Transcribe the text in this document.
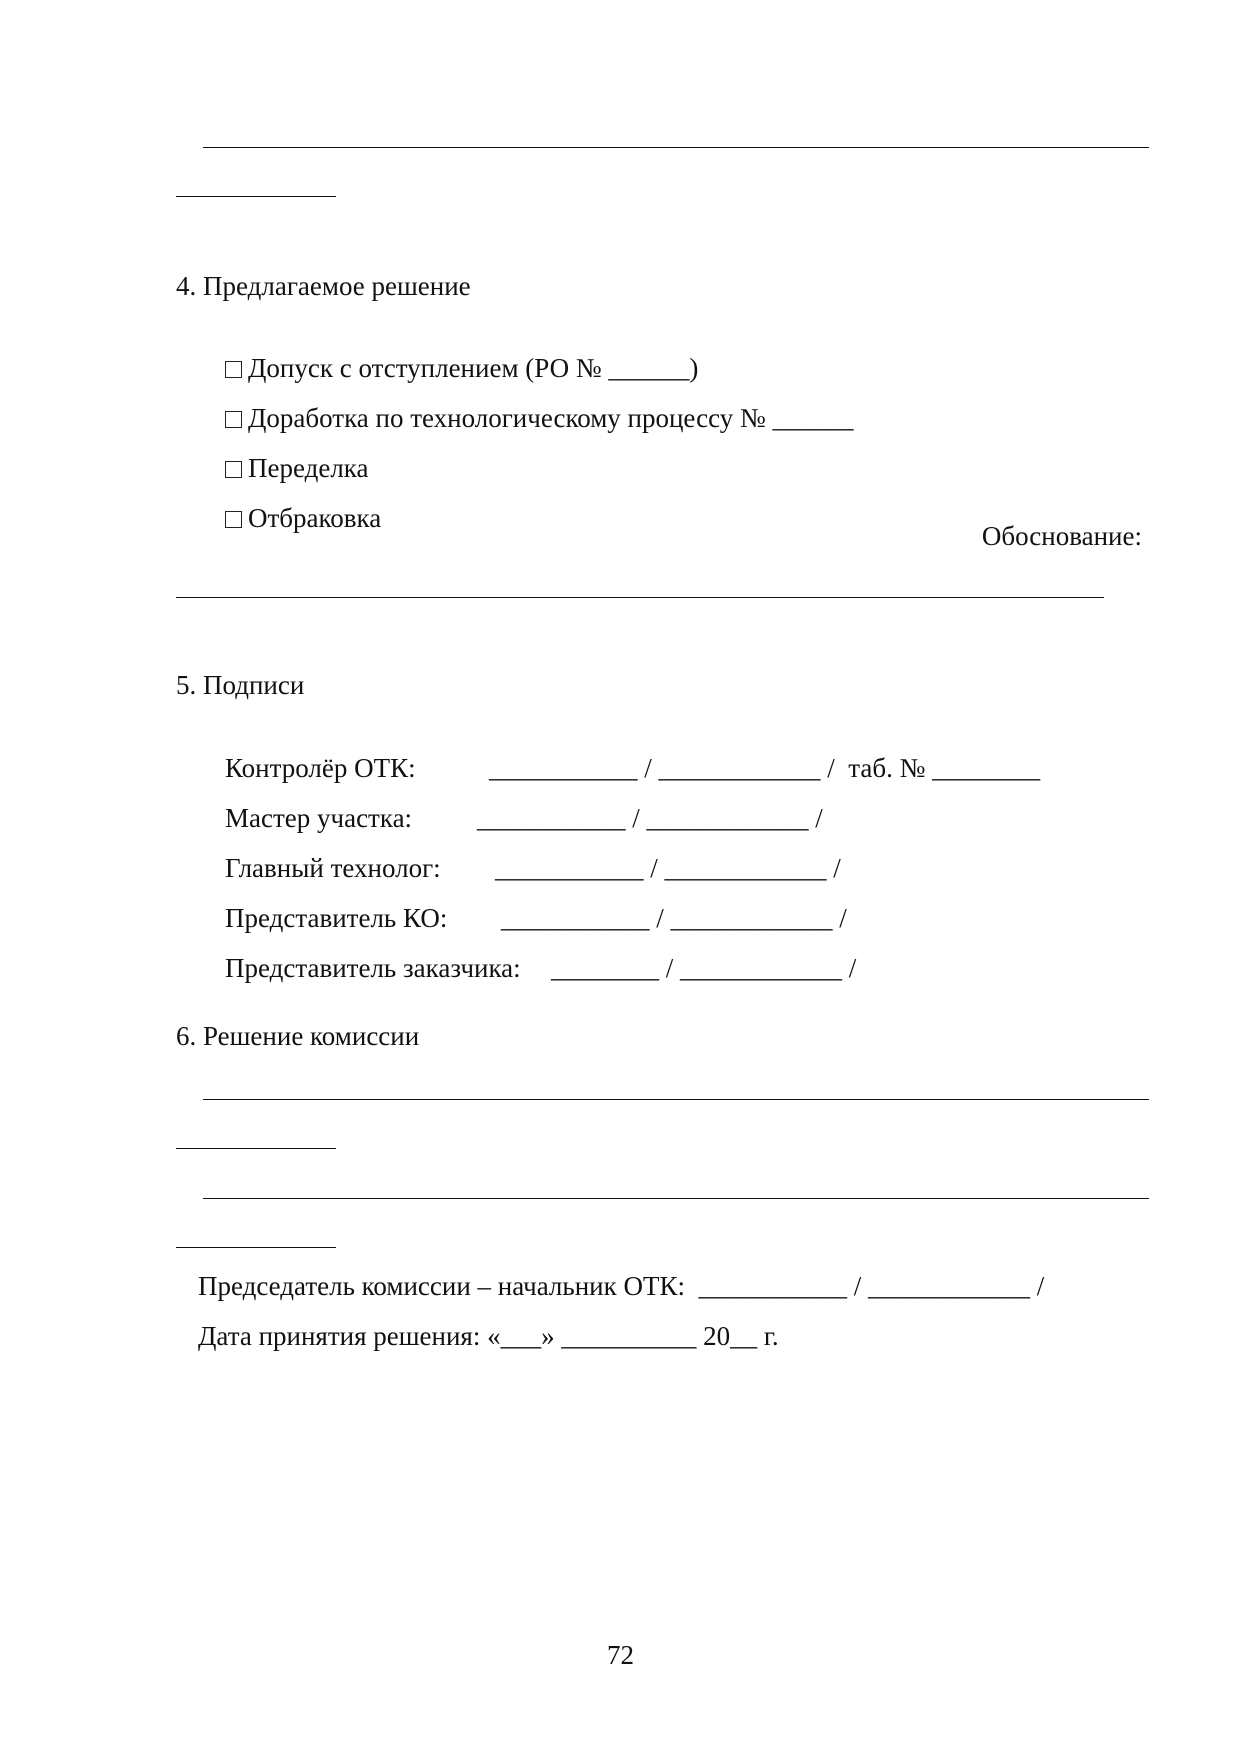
4. Предлагаемое решение

Допуск с отступлением (РО № ______)

Доработка по технологическому процессу № ______

Переделка

Отбраковка

Обоснование:
5. Подписи

Контролёр ОТК:	___________ / ____________ /  таб. № ________

Мастер участка: ___________ / ____________ /

Главный технолог: ___________ / ____________ /

Представитель КО: ___________ / ____________ /

Представитель заказчика: ________ / ____________ /

6. Решение комиссии
Председатель комиссии – начальник ОТК:  ___________ / ____________ /
Дата принятия решения: «___» __________ 20__ г.
72
